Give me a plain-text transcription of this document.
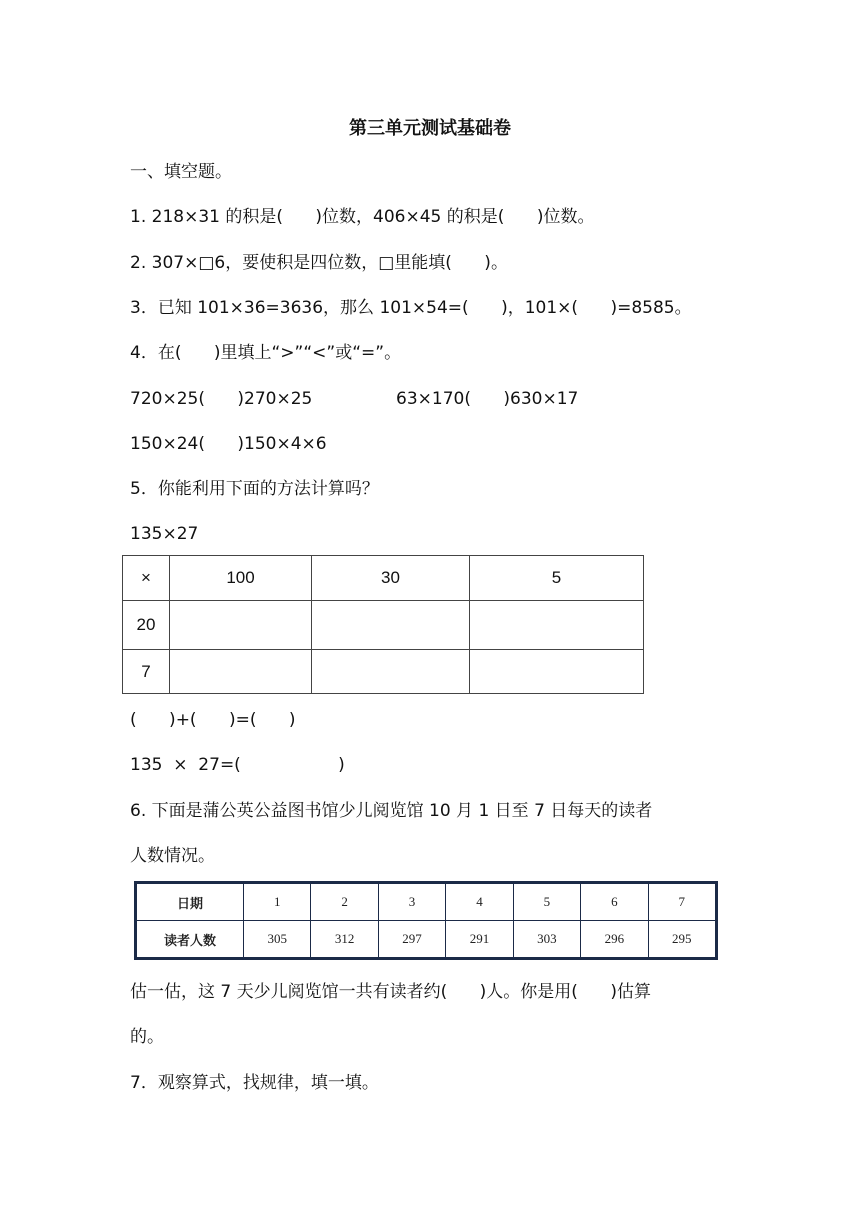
第三单元测试基础卷
一、填空题。
1. 218×31 的积是(      )位数，406×45 的积是(      )位数。
2. 307×□6，要使积是四位数，□里能填(      )。
3．已知 101×36=3636，那么 101×54=(      )，101×(      )=8585。
4．在(      )里填上“>”“<”或“=”。
720×25(      )270×25	63×170(      )630×17
150×24(      )150×4×6
5．你能利用下面的方法计算吗？
135×27
×	100	30	5
20			
7			
(      )+(      )=(      )
135  ×  27=(                  )
6. 下面是蒲公英公益图书馆少儿阅览馆 10 月 1 日至 7 日每天的读者
人数情况。
日期	1	2	3	4	5	6	7
读者人数	305	312	297	291	303	296	295
估一估，这 7 天少儿阅览馆一共有读者约(      )人。你是用(      )估算
的。
7．观察算式，找规律，填一填。
